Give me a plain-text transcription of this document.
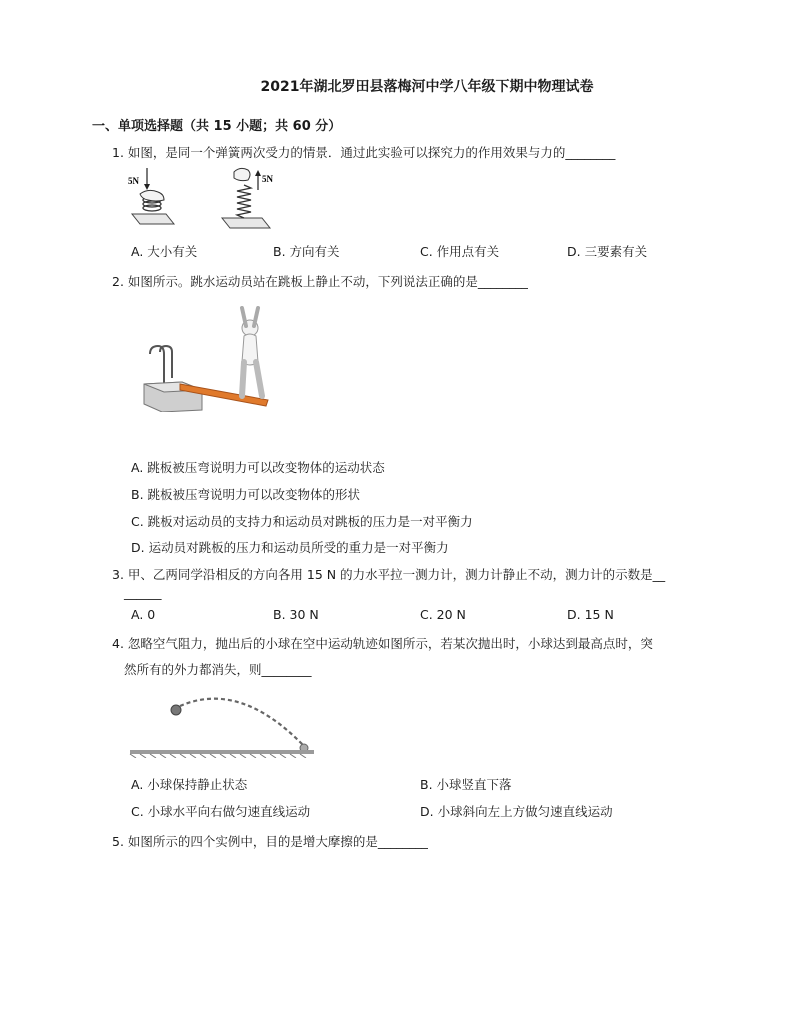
2021年湖北罗田县落梅河中学八年级下期中物理试卷
一、单项选择题（共 15 小题；共 60 分）
1. 如图，是同一个弹簧两次受力的情景．通过此实验可以探究力的作用效果与力的________
5N	5N
A. 大小有关	B. 方向有关	C. 作用点有关	D. 三要素有关
2. 如图所示。跳水运动员站在跳板上静止不动，下列说法正确的是________
A. 跳板被压弯说明力可以改变物体的运动状态
B. 跳板被压弯说明力可以改变物体的形状
C. 跳板对运动员的支持力和运动员对跳板的压力是一对平衡力
D. 运动员对跳板的压力和运动员所受的重力是一对平衡力
3. 甲、乙两同学沿相反的方向各用 15 N 的力水平拉一测力计，测力计静止不动，测力计的示数是__
______
A. 0	B. 30 N	C. 20 N	D. 15 N
4. 忽略空气阻力，抛出后的小球在空中运动轨迹如图所示，若某次抛出时，小球达到最高点时，突
然所有的外力都消失，则________
A. 小球保持静止状态	B. 小球竖直下落
C. 小球水平向右做匀速直线运动	D. 小球斜向左上方做匀速直线运动
5. 如图所示的四个实例中，目的是增大摩擦的是________
